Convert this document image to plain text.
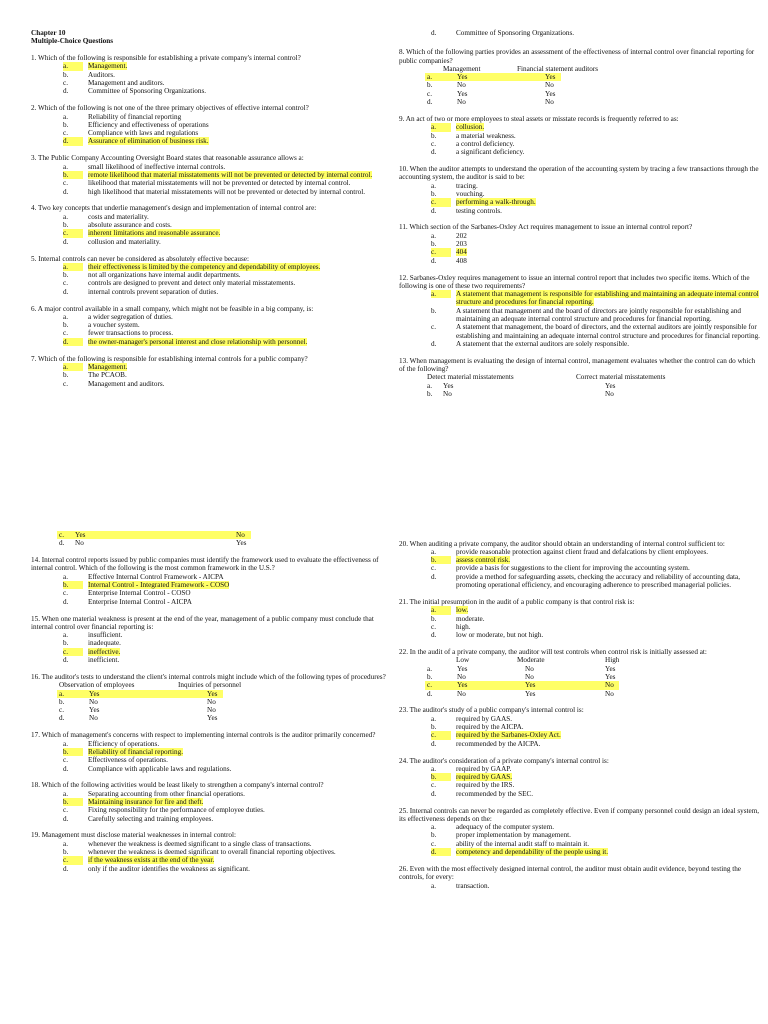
Chapter 10
Multiple-Choice Questions
1. Which of the following is responsible for establishing a private company's internal control?
a.	Management.
b.	Auditors.
c.	Management and auditors.
d.	Committee of Sponsoring Organizations.
2. Which of the following is not one of the three primary objectives of effective internal control?
a.	Reliability of financial reporting
b.	Efficiency and effectiveness of operations
c.	Compliance with laws and regulations
d.	Assurance of elimination of business risk.
3. The Public Company Accounting Oversight Board states that reasonable assurance allows a:
a.	small likelihood of ineffective internal controls.
b.	remote likelihood that material misstatements will not be prevented or detected by internal control.
c.	likelihood that material misstatements will not be prevented or detected by internal control.
d.	high likelihood that material misstatements will not be prevented or detected by internal control.
4. Two key concepts that underlie management's design and implementation of internal control are:
a.	costs and materiality.
b.	absolute assurance and costs.
c.	inherent limitations and reasonable assurance.
d.	collusion and materiality.
5. Internal controls can never be considered as absolutely effective because:
a.	their effectiveness is limited by the competency and dependability of employees.
b.	not all organizations have internal audit departments.
c.	controls are designed to prevent and detect only material misstatements.
d.	internal controls prevent separation of duties.
6. A major control available in a small company, which might not be feasible in a big company, is:
a.	a wider segregation of duties.
b.	a voucher system.
c.	fewer transactions to process.
d.	the owner-manager's personal interest and close relationship with personnel.
7. Which of the following is responsible for establishing internal controls for a public company?
a.	Management.
b.	The PCAOB.
c.	Management and auditors.
d.	Committee of Sponsoring Organizations.
8. Which of the following parties provides an assessment of the effectiveness of internal control over financial reporting for public companies?
Management	Financial statement auditors
a.	Yes	Yes
b.	No	No
c.	Yes	Yes
d.	No	No
9. An act of two or more employees to steal assets or misstate records is frequently referred to as:
a.	collusion.
b.	a material weakness.
c.	a control deficiency.
d.	a significant deficiency.
10. When the auditor attempts to understand the operation of the accounting system by tracing a few transactions through the accounting system, the auditor is said to be:
a.	tracing.
b.	vouching.
c.	performing a walk-through.
d.	testing controls.
11. Which section of the Sarbanes-Oxley Act requires management to issue an internal control report?
a.	202
b.	203
c.	404
d.	408
12. Sarbanes-Oxley requires management to issue an internal control report that includes two specific items. Which of the following is one of these two requirements?
a.	A statement that management is responsible for establishing and maintaining an adequate internal control structure and procedures for financial reporting.
b.	A statement that management and the board of directors are jointly responsible for establishing and maintaining an adequate internal control structure and procedures for financial reporting.
c.	A statement that management, the board of directors, and the external auditors are jointly responsible for establishing and maintaining an adequate internal control structure and procedures for financial reporting.
d.	A statement that the external auditors are solely responsible.
13. When management is evaluating the design of internal control, management evaluates whether the control can do which of the following?
Detect material misstatements	Correct material misstatements
a. Yes	Yes
b. No	No
c. Yes	No
d. No	Yes
14. Internal control reports issued by public companies must identify the framework used to evaluate the effectiveness of internal control. Which of the following is the most common framework in the U.S.?
a.	Effective Internal Control Framework - AICPA
b.	Internal Control - Integrated Framework - COSO
c.	Enterprise Internal Control - COSO
d.	Enterprise Internal Control - AICPA
15. When one material weakness is present at the end of the year, management of a public company must conclude that internal control over financial reporting is:
a.	insufficient.
b.	inadequate.
c.	ineffective.
d.	inefficient.
16. The auditor's tests to understand the client's internal controls might include which of the following types of procedures?
Observation of employees	Inquiries of personnel
a.	Yes	Yes
b.	No	No
c.	Yes	No
d.	No	Yes
17. Which of management's concerns with respect to implementing internal controls is the auditor primarily concerned?
a.	Efficiency of operations.
b.	Reliability of financial reporting.
c.	Effectiveness of operations.
d.	Compliance with applicable laws and regulations.
18. Which of the following activities would be least likely to strengthen a company's internal control?
a.	Separating accounting from other financial operations.
b.	Maintaining insurance for fire and theft.
c.	Fixing responsibility for the performance of employee duties.
d.	Carefully selecting and training employees.
19. Management must disclose material weaknesses in internal control:
a.	whenever the weakness is deemed significant to a single class of transactions.
b.	whenever the weakness is deemed significant to overall financial reporting objectives.
c.	if the weakness exists at the end of the year.
d.	only if the auditor identifies the weakness as significant.
20. When auditing a private company, the auditor should obtain an understanding of internal control sufficient to:
a.	provide reasonable protection against client fraud and defalcations by client employees.
b.	assess control risk.
c.	provide a basis for suggestions to the client for improving the accounting system.
d.	provide a method for safeguarding assets, checking the accuracy and reliability of accounting data, promoting operational efficiency, and encouraging adherence to prescribed managerial policies.
21. The initial presumption in the audit of a public company is that control risk is:
a.	low.
b.	moderate.
c.	high.
d.	low or moderate, but not high.
22. In the audit of a private company, the auditor will test controls when control risk is initially assessed at:
Low	Moderate	High
a.	Yes	No	Yes
b.	No	No	Yes
c.	Yes	Yes	No
d.	No	Yes	No
23. The auditor's study of a public company's internal control is:
a.	required by GAAS.
b.	required by the AICPA.
c.	required by the Sarbanes-Oxley Act.
d.	recommended by the AICPA.
24. The auditor's consideration of a private company's internal control is:
a.	required by GAAP.
b.	required by GAAS.
c.	required by the IRS.
d.	recommended by the SEC.
25. Internal controls can never be regarded as completely effective. Even if company personnel could design an ideal system, its effectiveness depends on the:
a.	adequacy of the computer system.
b.	proper implementation by management.
c.	ability of the internal audit staff to maintain it.
d.	competency and dependability of the people using it.
26. Even with the most effectively designed internal control, the auditor must obtain audit evidence, beyond testing the controls, for every:
a.	transaction.
